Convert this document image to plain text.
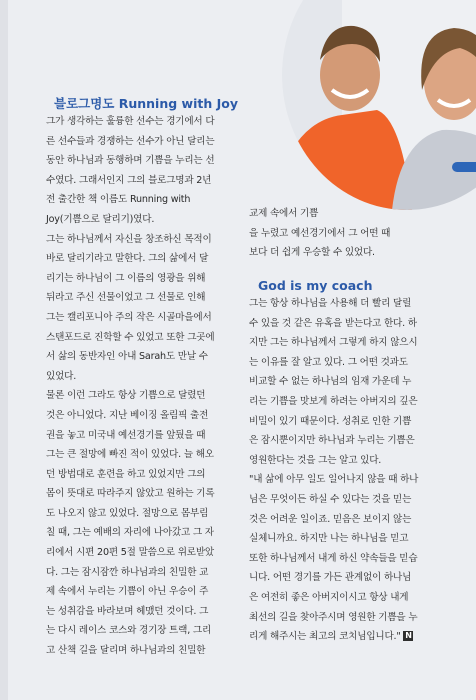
블로그명도 Running with Joy

그가 생각하는 훌륭한 선수는 경기에서 다

른 선수들과 경쟁하는 선수가 아닌 달리는

동안 하나님과 동행하며 기쁨을 누리는 선

수였다. 그래서인지 그의 블로그명과 2년

전 출간한 책 이름도 Running with

Joy(기쁨으로 달리기)였다.

그는 하나님께서 자신을 창조하신 목적이

바로 달리기라고 말한다. 그의 삶에서 달

리기는 하나님이 그 이름의 영광을 위해

뒤라고 주신 선물이었고 그 선물로 인해

그는 캘리포니아 주의 작은 시골마을에서

스탠포드로 진학할 수 있었고 또한 그곳에

서 삶의 동반자인 아내 Sarah도 만날 수

있었다.

물론 이런 그라도 항상 기쁨으로 달렸던

것은 아니었다. 지난 베이징 올림픽 출전

권을 놓고 미국내 예선경기를 앞뒀을 때

그는 큰 절망에 빠진 적이 있었다. 늘 해오

던 방법대로 훈련을 하고 있었지만 그의

몸이 뜻대로 따라주지 않았고 원하는 기록

도 나오지 않고 있었다. 절망으로 몸부림

칠 때, 그는 예배의 자리에 나아갔고 그 자

리에서 시편 20편 5절 말씀으로 위로받았

다. 그는 잠시잠깐 하나님과의 친밀한 교

제 속에서 누리는 기쁨이 아닌 우승이 주

는 성취감을 바라보며 헤맸던 것이다. 그

는 다시 레이스 코스와 경기장 트랙, 그리

고 산책 길을 달리며 하나님과의 친밀한

교제 속에서 기쁨

을 누렸고 예선경기에서 그 어떤 때

보다 더 쉽게 우승할 수 있었다.

God is my coach

그는 항상 하나님을 사용해 더 빨리 달릴

수 있을 것 같은 유혹을 받는다고 한다. 하

지만 그는 하나님께서 그렇게 하지 않으시

는 이유를 잘 알고 있다. 그 어떤 것과도

비교할 수 없는 하나님의 임재 가운데 누

리는 기쁨을 맛보게 하려는 아버지의 깊은

비밀이 있기 때문이다. 성취로 인한 기쁨

은 잠시뿐이지만 하나님과 누리는 기쁨은

영원한다는 것을 그는 알고 있다.

"내 삶에 아무 일도 일어나지 않을 때 하나

님은 무엇이든 하실 수 있다는 것을 믿는

것은 어려운 일이죠. 믿음은 보이지 않는

실체니까요. 하지만 나는 하나님을 믿고

또한 하나님께서 내게 하신 약속들을 믿습

니다. 어떤 경기를 가든 관계없이 하나님

은 여전히 좋은 아버지이시고 항상 내게

최선의 길을 찾아주시며 영원한 기쁨을 누

리게 해주시는 최고의 코치님입니다." N
